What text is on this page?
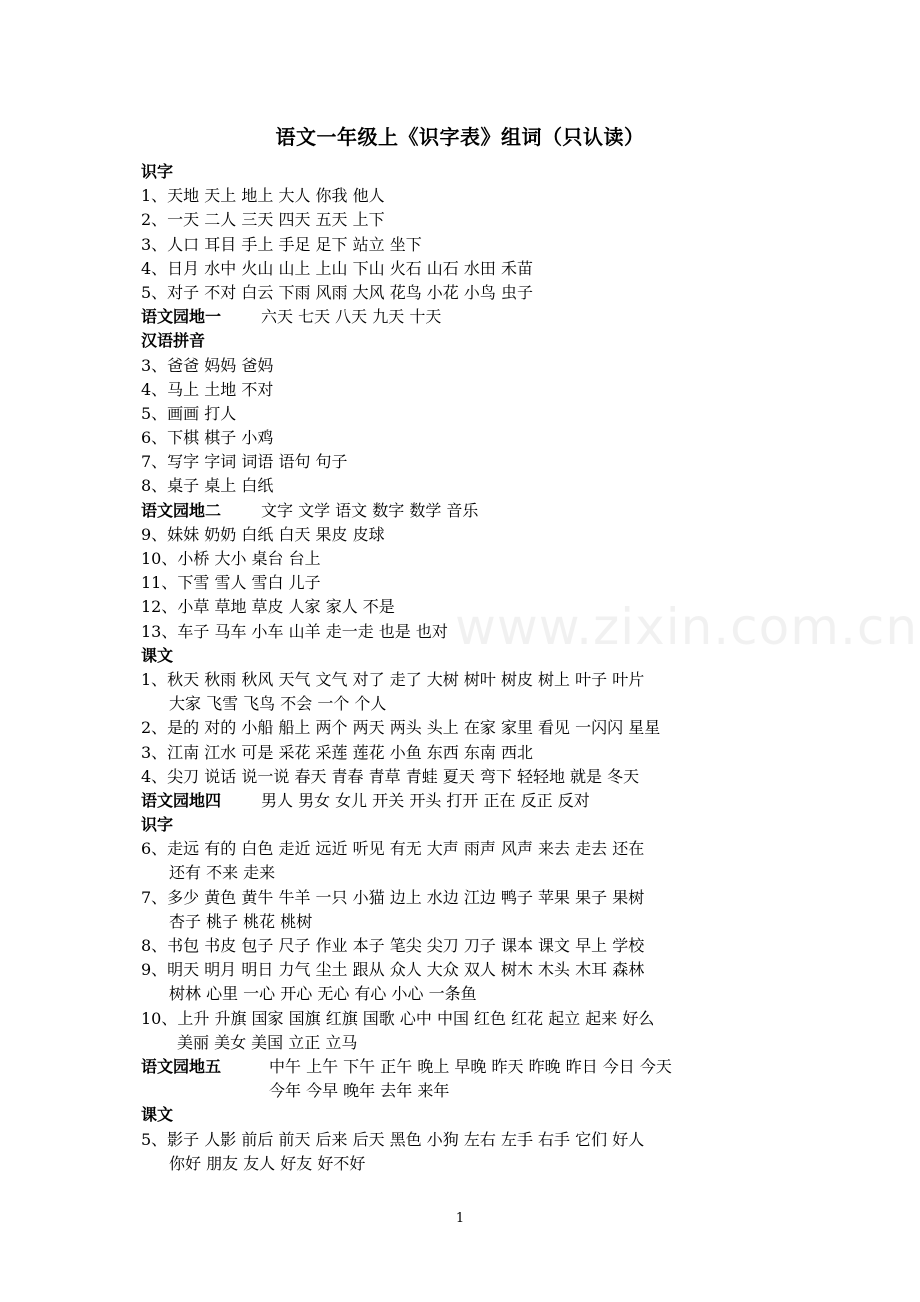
语文一年级上《识字表》组词（只认读）
识字
1、天地 天上 地上 大人 你我 他人
2、一天 二人 三天 四天 五天 上下
3、人口 耳目 手上 手足 足下 站立 坐下
4、日月 水中 火山 山上 上山 下山 火石 山石 水田 禾苗
5、对子 不对 白云 下雨 风雨 大风 花鸟 小花 小鸟 虫子
语文园地一 六天 七天 八天 九天 十天
汉语拼音
3、爸爸 妈妈 爸妈
4、马上 土地 不对
5、画画 打人
6、下棋 棋子 小鸡
7、写字 字词 词语 语句 句子
8、桌子 桌上 白纸
语文园地二 文字 文学 语文 数字 数学 音乐
9、妹妹 奶奶 白纸 白天 果皮 皮球
10、小桥 大小 桌台 台上
11、下雪 雪人 雪白 儿子
12、小草 草地 草皮 人家 家人 不是
13、车子 马车 小车 山羊 走一走 也是 也对
课文
1、秋天 秋雨 秋风 天气 文气 对了 走了 大树 树叶 树皮 树上 叶子 叶片
大家 飞雪 飞鸟 不会 一个 个人
2、是的 对的 小船 船上 两个 两天 两头 头上 在家 家里 看见 一闪闪 星星
3、江南 江水 可是 采花 采莲 莲花 小鱼 东西 东南 西北
4、尖刀 说话 说一说 春天 青春 青草 青蛙 夏天 弯下 轻轻地 就是 冬天
语文园地四 男人 男女 女儿 开关 开头 打开 正在 反正 反对
识字
6、走远 有的 白色 走近 远近 听见 有无 大声 雨声 风声 来去 走去 还在
还有 不来 走来
7、多少 黄色 黄牛 牛羊 一只 小猫 边上 水边 江边 鸭子 苹果 果子 果树
杏子 桃子 桃花 桃树
8、书包 书皮 包子 尺子 作业 本子 笔尖 尖刀 刀子 课本 课文 早上 学校
9、明天 明月 明日 力气 尘土 跟从 众人 大众 双人 树木 木头 木耳 森林
树林 心里 一心 开心 无心 有心 小心 一条鱼
10、上升 升旗 国家 国旗 红旗 国歌 心中 中国 红色 红花 起立 起来 好么
美丽 美女 美国 立正 立马
语文园地五	中午 上午 下午 正午 晚上 早晚 昨天 昨晚 昨日 今日 今天
今年 今早 晚年 去年 来年
课文
5、影子 人影 前后 前天 后来 后天 黑色 小狗 左右 左手 右手 它们 好人
你好 朋友 友人 好友 好不好
www.zixin.com.cn
1
